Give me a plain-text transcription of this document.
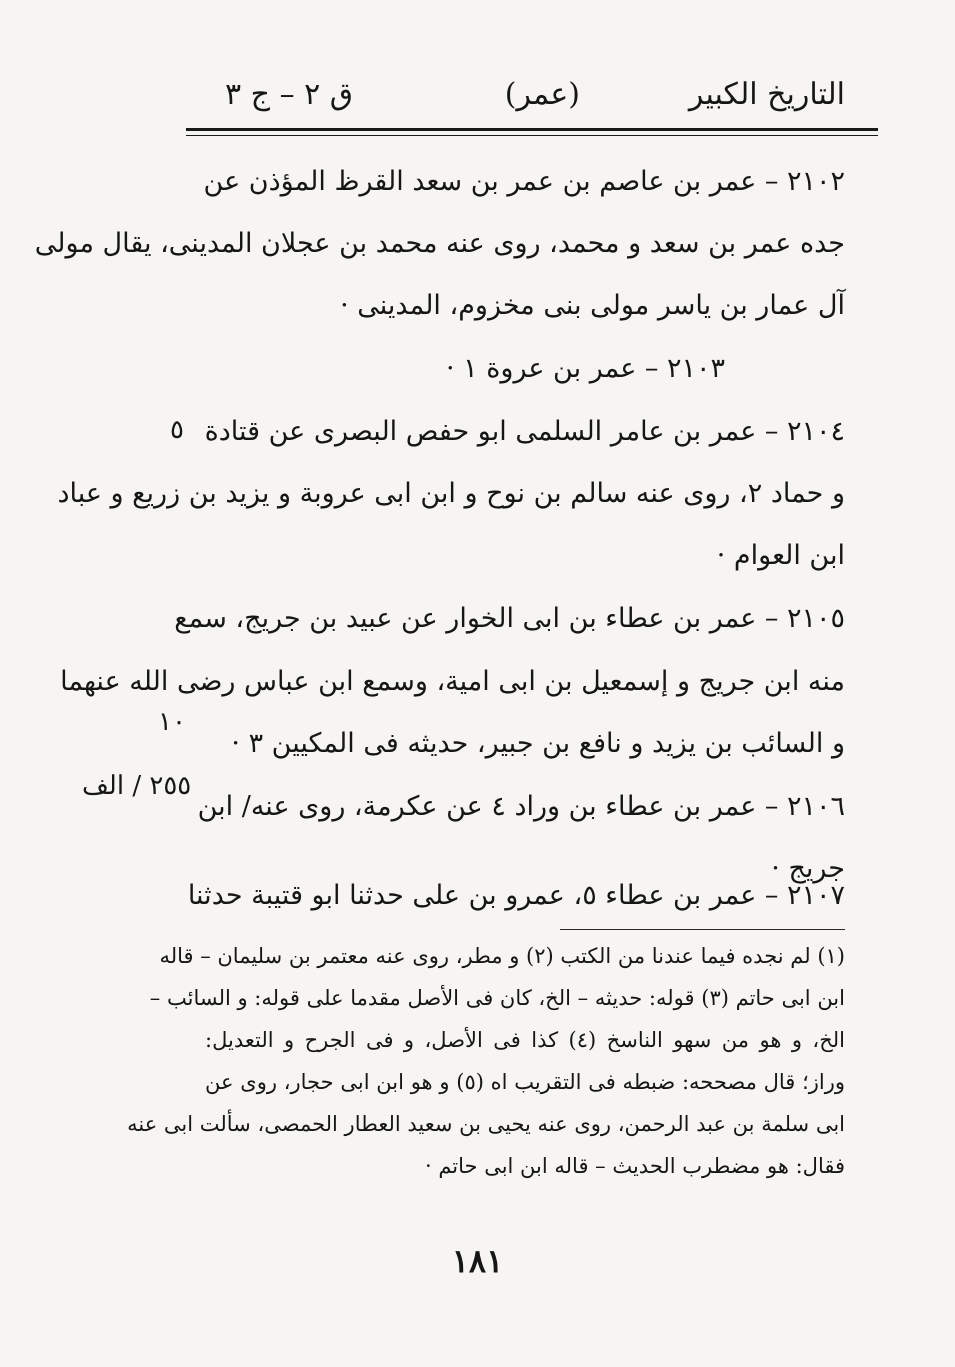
التاريخ الكبير
(عمر)
ق ٢ – ج ٣
٢١٠٢ – عمر بن عاصم بن عمر بن سعد القرظ المؤذن عن
جده عمر بن سعد و محمد، روى عنه محمد بن عجلان المدينى، يقال مولى
آل عمار بن ياسر مولى بنى مخزوم، المدينى ·
٢١٠٣ – عمر بن عروة ١ ·
٢١٠٤ – عمر بن عامر السلمى ابو حفص البصرى عن قتادة
و حماد ٢، روى عنه سالم بن نوح و ابن ابى عروبة و يزيد بن زريع و عباد
ابن العوام ·
٢١٠٥ – عمر بن عطاء بن ابى الخوار عن عبيد بن جريج، سمع
منه ابن جريج و إسمعيل بن ابى امية، وسمع ابن عباس رضى الله عنهما
و السائب بن يزيد و نافع بن جبير، حديثه فى المكيين ٣ ·
٢١٠٦ – عمر بن عطاء بن وراد ٤ عن عكرمة، روى عنه/ ابن
جريج ·
٢١٠٧ – عمر بن عطاء ٥، عمرو بن على حدثنا ابو قتيبة حدثنا
٥
١٠
٢٥٥ / الف
(١) لم نجده فيما عندنا من الكتب (٢) و مطر، روى عنه معتمر بن سليمان – قاله
ابن ابى حاتم (٣) قوله: حديثه – الخ، كان فى الأصل مقدما على قوله: و السائب –
الخ، و هو من سهو الناسخ (٤) كذا فى الأصل، و فى الجرح و التعديل:
وراز؛ قال مصححه: ضبطه فى التقريب اه (٥) و هو ابن ابى حجار، روى عن
ابى سلمة بن عبد الرحمن، روى عنه يحيى بن سعيد العطار الحمصى، سألت ابى عنه
فقال: هو مضطرب الحديث – قاله ابن ابى حاتم ·
١٨١
